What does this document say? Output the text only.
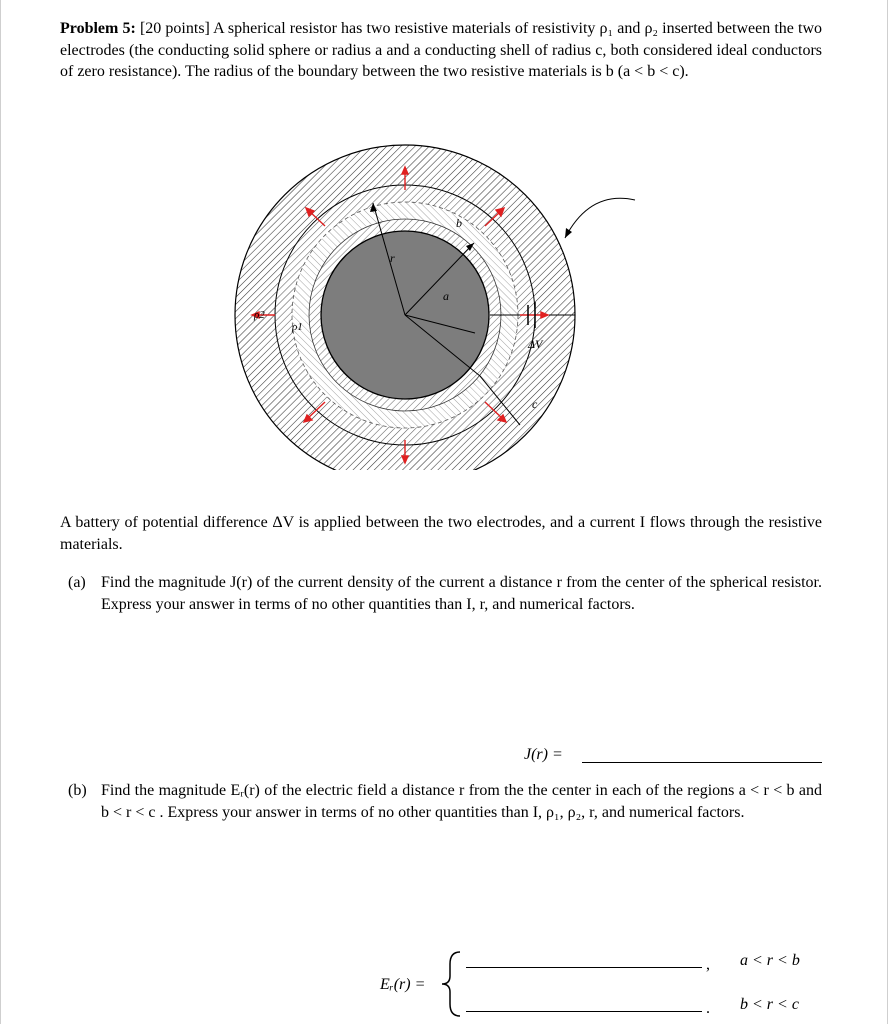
Problem 5: [20 points] A spherical resistor has two resistive materials of resistivity ρ₁ and ρ₂ inserted between the two electrodes (the conducting solid sphere or radius a and a conducting shell of radius c, both considered ideal conductors of zero resistance). The radius of the boundary between the two resistive materials is b (a < b < c).
r
a
b
c
ρ1
ρ2
ΔV
A battery of potential difference ΔV is applied between the two electrodes, and a current I flows through the resistive materials.
(a) Find the magnitude J(r) of the current density of the current a distance r from the center of the spherical resistor. Express your answer in terms of no other quantities than I, r, and numerical factors.
J(r) =
(b) Find the magnitude Eᵣ(r) of the electric field a distance r from the the center in each of the regions a < r < b and b < r < c . Express your answer in terms of no other quantities than I, ρ₁, ρ₂, r, and numerical factors.
Eᵣ(r) =
, a < r < b
. b < r < c
